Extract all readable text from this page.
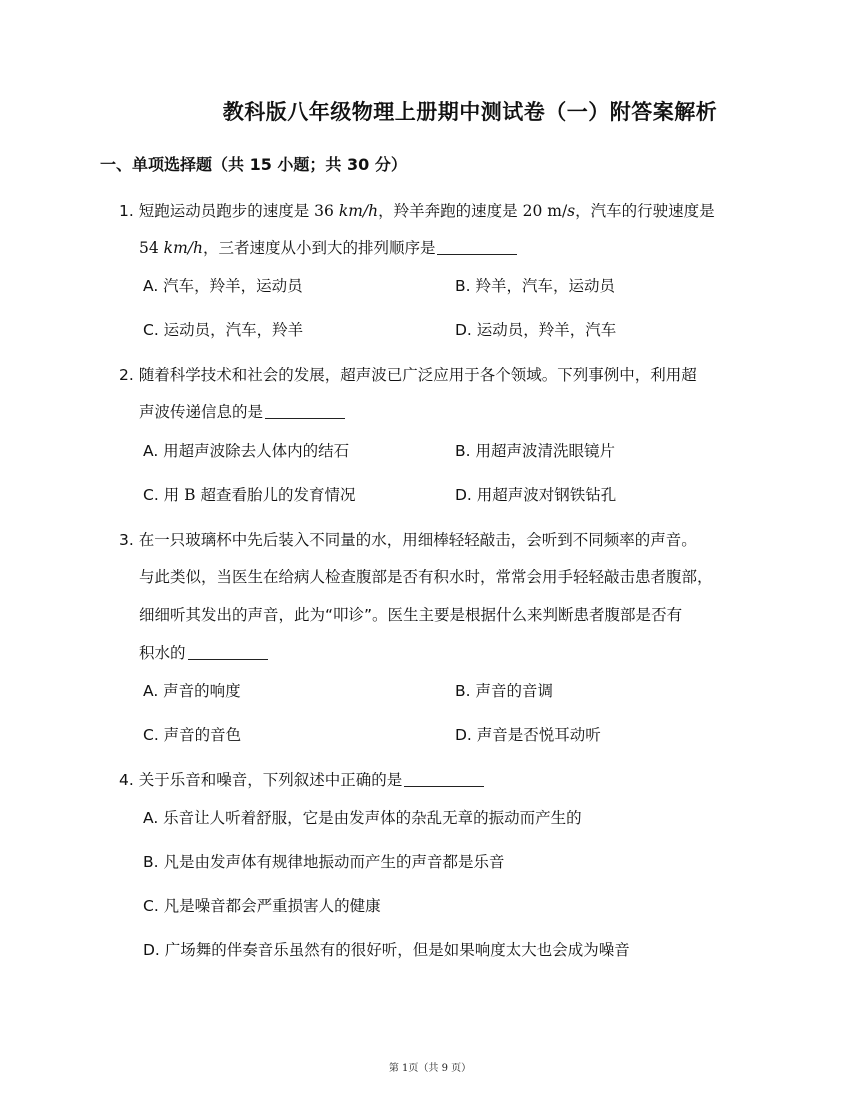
教科版八年级物理上册期中测试卷（一）附答案解析
一、单项选择题（共 15 小题；共 30 分）
1. 短跑运动员跑步的速度是 36 km/h，羚羊奔跑的速度是 20 m/s，汽车的行驶速度是
54 km/h，三者速度从小到大的排列顺序是
A. 汽车，羚羊，运动员	B. 羚羊，汽车，运动员
C. 运动员，汽车，羚羊	D. 运动员，羚羊，汽车
2. 随着科学技术和社会的发展，超声波已广泛应用于各个领域。下列事例中，利用超
声波传递信息的是
A. 用超声波除去人体内的结石	B. 用超声波清洗眼镜片
C. 用 B 超查看胎儿的发育情况	D. 用超声波对钢铁钻孔
3. 在一只玻璃杯中先后装入不同量的水，用细棒轻轻敲击，会听到不同频率的声音。
与此类似，当医生在给病人检查腹部是否有积水时，常常会用手轻轻敲击患者腹部，
细细听其发出的声音，此为“叩诊”。医生主要是根据什么来判断患者腹部是否有
积水的
A. 声音的响度	B. 声音的音调
C. 声音的音色	D. 声音是否悦耳动听
4. 关于乐音和噪音，下列叙述中正确的是
A. 乐音让人听着舒服，它是由发声体的杂乱无章的振动而产生的
B. 凡是由发声体有规律地振动而产生的声音都是乐音
C. 凡是噪音都会严重损害人的健康
D. 广场舞的伴奏音乐虽然有的很好听，但是如果响度太大也会成为噪音
第 1页（共 9 页）
